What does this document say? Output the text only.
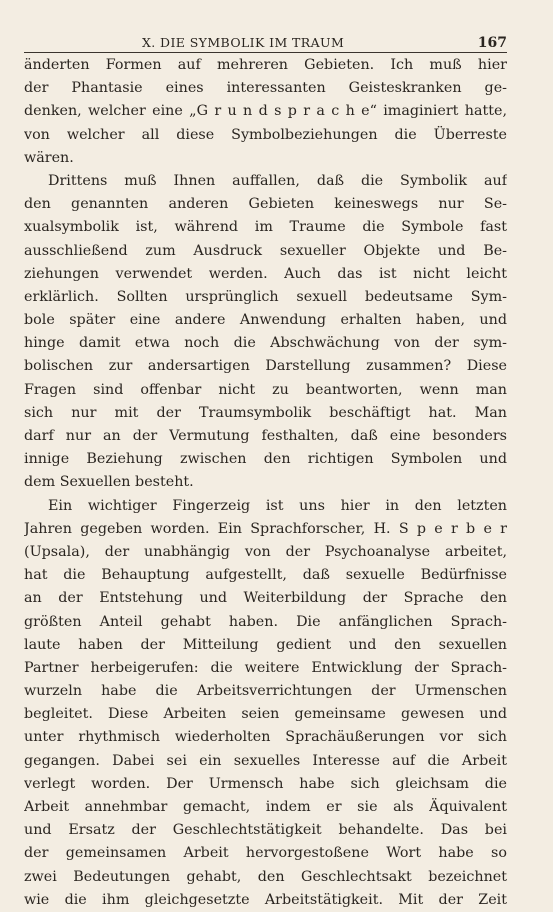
X. DIE SYMBOLIK IM TRAUM	167
änderten Formen auf mehreren Gebieten. Ich muß hier
der Phantasie eines interessanten Geisteskranken ge-
denken, welcher eine „G r u n d s p r a c h e“ imaginiert hatte,
von welcher all diese Symbolbeziehungen die Überreste
wären.
Drittens muß Ihnen auffallen, daß die Symbolik auf
den genannten anderen Gebieten keineswegs nur Se-
xualsymbolik ist, während im Traume die Symbole fast
ausschließend zum Ausdruck sexueller Objekte und Be-
ziehungen verwendet werden. Auch das ist nicht leicht
erklärlich. Sollten ursprünglich sexuell bedeutsame Sym-
bole später eine andere Anwendung erhalten haben, und
hinge damit etwa noch die Abschwächung von der sym-
bolischen zur andersartigen Darstellung zusammen? Diese
Fragen sind offenbar nicht zu beantworten, wenn man
sich nur mit der Traumsymbolik beschäftigt hat. Man
darf nur an der Vermutung festhalten, daß eine besonders
innige Beziehung zwischen den richtigen Symbolen und
dem Sexuellen besteht.
Ein wichtiger Fingerzeig ist uns hier in den letzten
Jahren gegeben worden. Ein Sprachforscher, H. S p e r b e r
(Upsala), der unabhängig von der Psychoanalyse arbeitet,
hat die Behauptung aufgestellt, daß sexuelle Bedürfnisse
an der Entstehung und Weiterbildung der Sprache den
größten Anteil gehabt haben. Die anfänglichen Sprach-
laute haben der Mitteilung gedient und den sexuellen
Partner herbeigerufen: die weitere Entwicklung der Sprach-
wurzeln habe die Arbeitsverrichtungen der Urmenschen
begleitet. Diese Arbeiten seien gemeinsame gewesen und
unter rhythmisch wiederholten Sprachäußerungen vor sich
gegangen. Dabei sei ein sexuelles Interesse auf die Arbeit
verlegt worden. Der Urmensch habe sich gleichsam die
Arbeit annehmbar gemacht, indem er sie als Äquivalent
und Ersatz der Geschlechtstätigkeit behandelte. Das bei
der gemeinsamen Arbeit hervorgestoßene Wort habe so
zwei Bedeutungen gehabt, den Geschlechtsakt bezeichnet
wie die ihm gleichgesetzte Arbeitstätigkeit. Mit der Zeit
